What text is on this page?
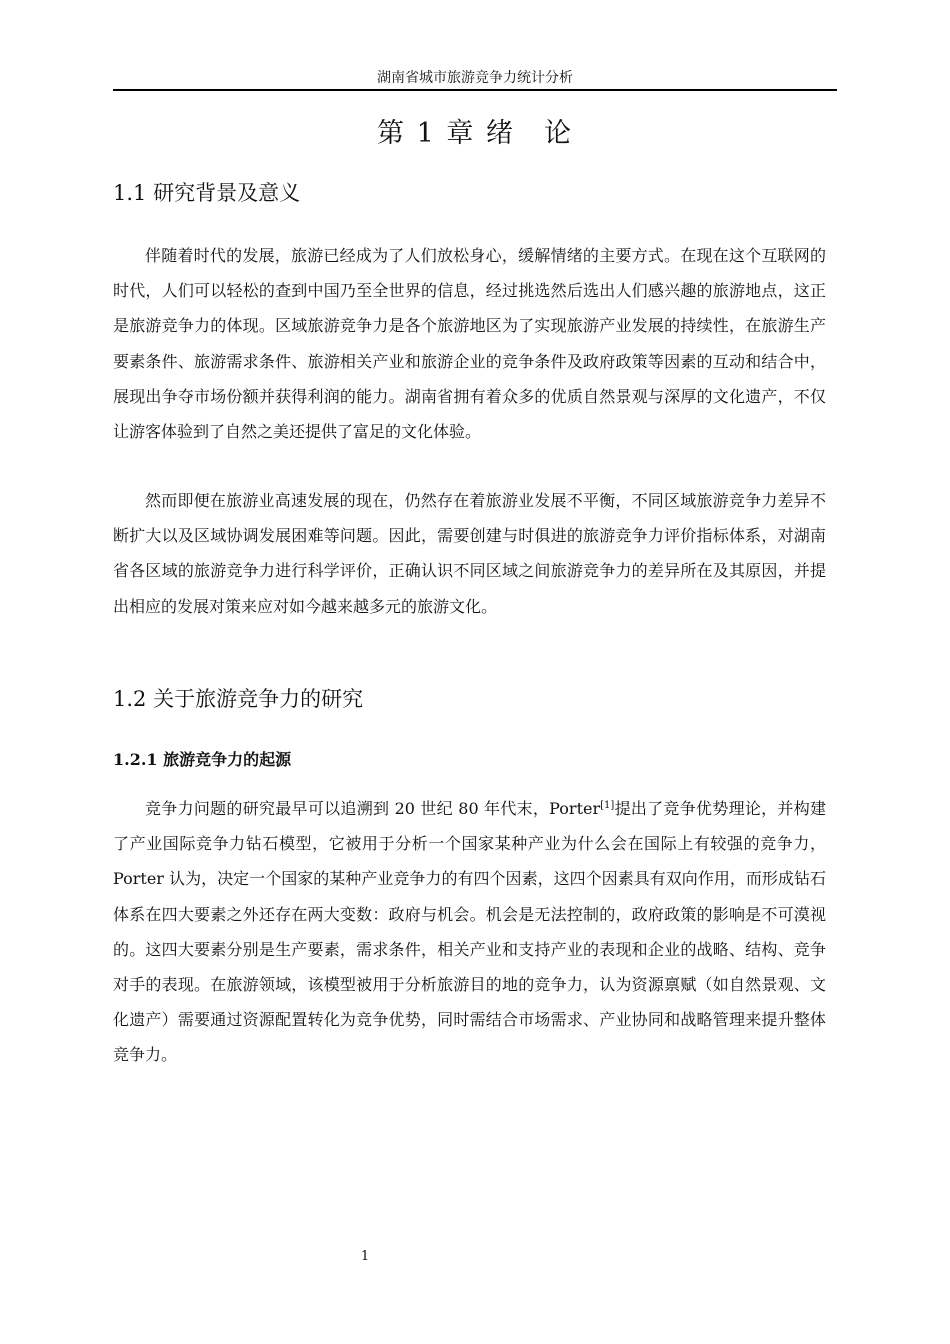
湖南省城市旅游竞争力统计分析
第 1 章 绪　论
1.1 研究背景及意义

伴随着时代的发展，旅游已经成为了人们放松身心，缓解情绪的主要方式。在现在这个互联网的时代，人们可以轻松的查到中国乃至全世界的信息，经过挑选然后选出人们感兴趣的旅游地点，这正是旅游竞争力的体现。区域旅游竞争力是各个旅游地区为了实现旅游产业发展的持续性，在旅游生产要素条件、旅游需求条件、旅游相关产业和旅游企业的竞争条件及政府政策等因素的互动和结合中，展现出争夺市场份额并获得利润的能力。湖南省拥有着众多的优质自然景观与深厚的文化遗产，不仅让游客体验到了自然之美还提供了富足的文化体验。

然而即便在旅游业高速发展的现在，仍然存在着旅游业发展不平衡，不同区域旅游竞争力差异不断扩大以及区域协调发展困难等问题。因此，需要创建与时俱进的旅游竞争力评价指标体系，对湖南省各区域的旅游竞争力进行科学评价，正确认识不同区域之间旅游竞争力的差异所在及其原因，并提出相应的发展对策来应对如今越来越多元的旅游文化。

1.2 关于旅游竞争力的研究
1.2.1 旅游竞争力的起源

竞争力问题的研究最早可以追溯到 20 世纪 80 年代末，Porter[1]提出了竞争优势理论，并构建了产业国际竞争力钻石模型，它被用于分析一个国家某种产业为什么会在国际上有较强的竞争力，Porter 认为，决定一个国家的某种产业竞争力的有四个因素，这四个因素具有双向作用，而形成钻石体系在四大要素之外还存在两大变数：政府与机会。机会是无法控制的，政府政策的影响是不可漠视的。这四大要素分别是生产要素，需求条件，相关产业和支持产业的表现和企业的战略、结构、竞争对手的表现。在旅游领域，该模型被用于分析旅游目的地的竞争力，认为资源禀赋（如自然景观、文化遗产）需要通过资源配置转化为竞争优势，同时需结合市场需求、产业协同和战略管理来提升整体竞争力。

1
